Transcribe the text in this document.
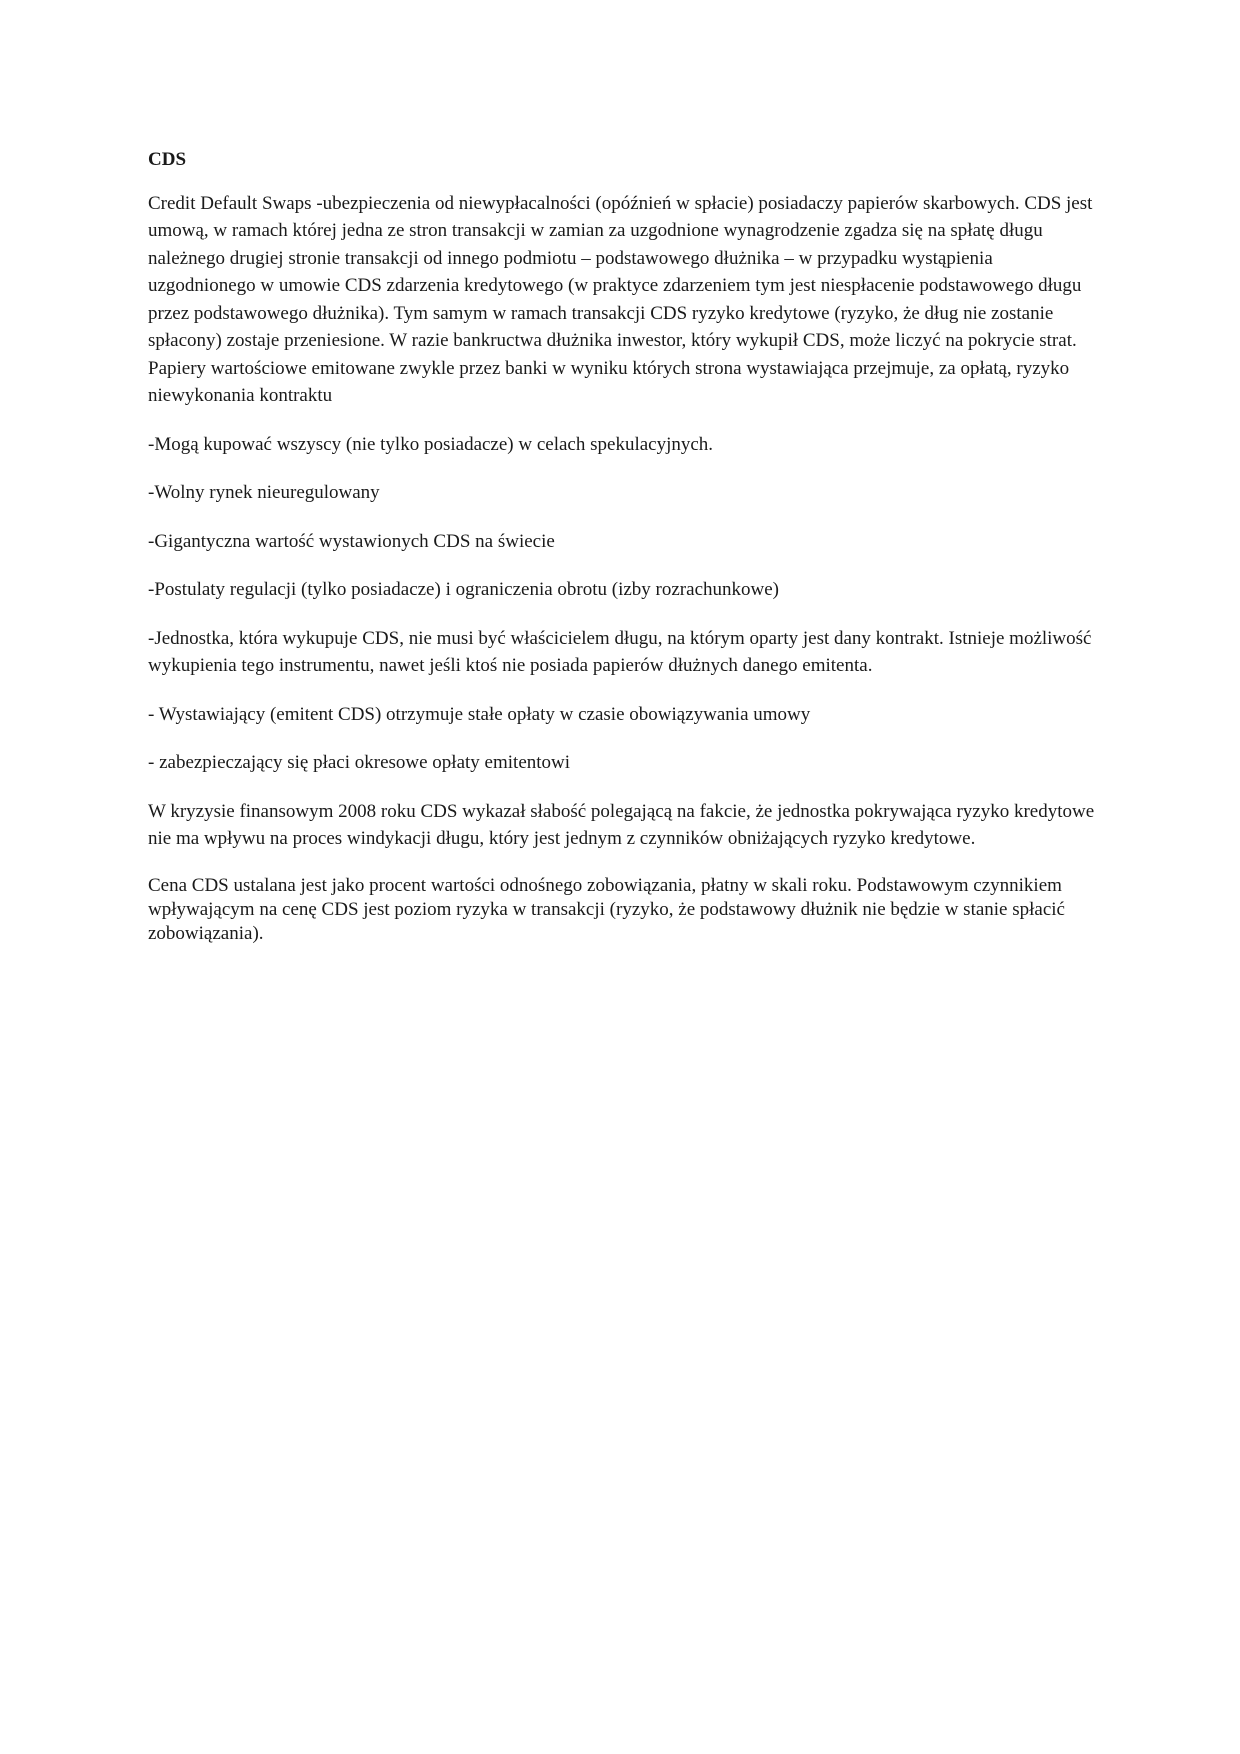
CDS

Credit Default Swaps -ubezpieczenia od niewypłacalności (opóźnień w spłacie) posiadaczy papierów skarbowych. CDS jest umową, w ramach której jedna ze stron transakcji w zamian za uzgodnione wynagrodzenie zgadza się na spłatę długu należnego drugiej stronie transakcji od innego podmiotu – podstawowego dłużnika – w przypadku wystąpienia uzgodnionego w umowie CDS zdarzenia kredytowego (w praktyce zdarzeniem tym jest niespłacenie podstawowego długu przez podstawowego dłużnika). Tym samym w ramach transakcji CDS ryzyko kredytowe (ryzyko, że dług nie zostanie spłacony) zostaje przeniesione. W razie bankructwa dłużnika inwestor, który wykupił CDS, może liczyć na pokrycie strat. Papiery wartościowe emitowane zwykle przez banki w wyniku których strona wystawiająca przejmuje, za opłatą, ryzyko niewykonania kontraktu

-Mogą kupować wszyscy (nie tylko posiadacze) w celach spekulacyjnych.

-Wolny rynek nieuregulowany

-Gigantyczna wartość wystawionych CDS na świecie

-Postulaty regulacji (tylko posiadacze) i ograniczenia obrotu (izby rozrachunkowe)

-Jednostka, która wykupuje CDS, nie musi być właścicielem długu, na którym oparty jest dany kontrakt. Istnieje możliwość wykupienia tego instrumentu, nawet jeśli ktoś nie posiada papierów dłużnych danego emitenta.

- Wystawiający (emitent CDS) otrzymuje stałe opłaty w czasie obowiązywania umowy

- zabezpieczający się płaci okresowe opłaty emitentowi

W kryzysie finansowym 2008 roku CDS wykazał słabość polegającą na fakcie, że jednostka pokrywająca ryzyko kredytowe nie ma wpływu na proces windykacji długu, który jest jednym z czynników obniżających ryzyko kredytowe.

Cena CDS ustalana jest jako procent wartości odnośnego zobowiązania, płatny w skali roku. Podstawowym czynnikiem wpływającym na cenę CDS jest poziom ryzyka w transakcji (ryzyko, że podstawowy dłużnik nie będzie w stanie spłacić zobowiązania).
